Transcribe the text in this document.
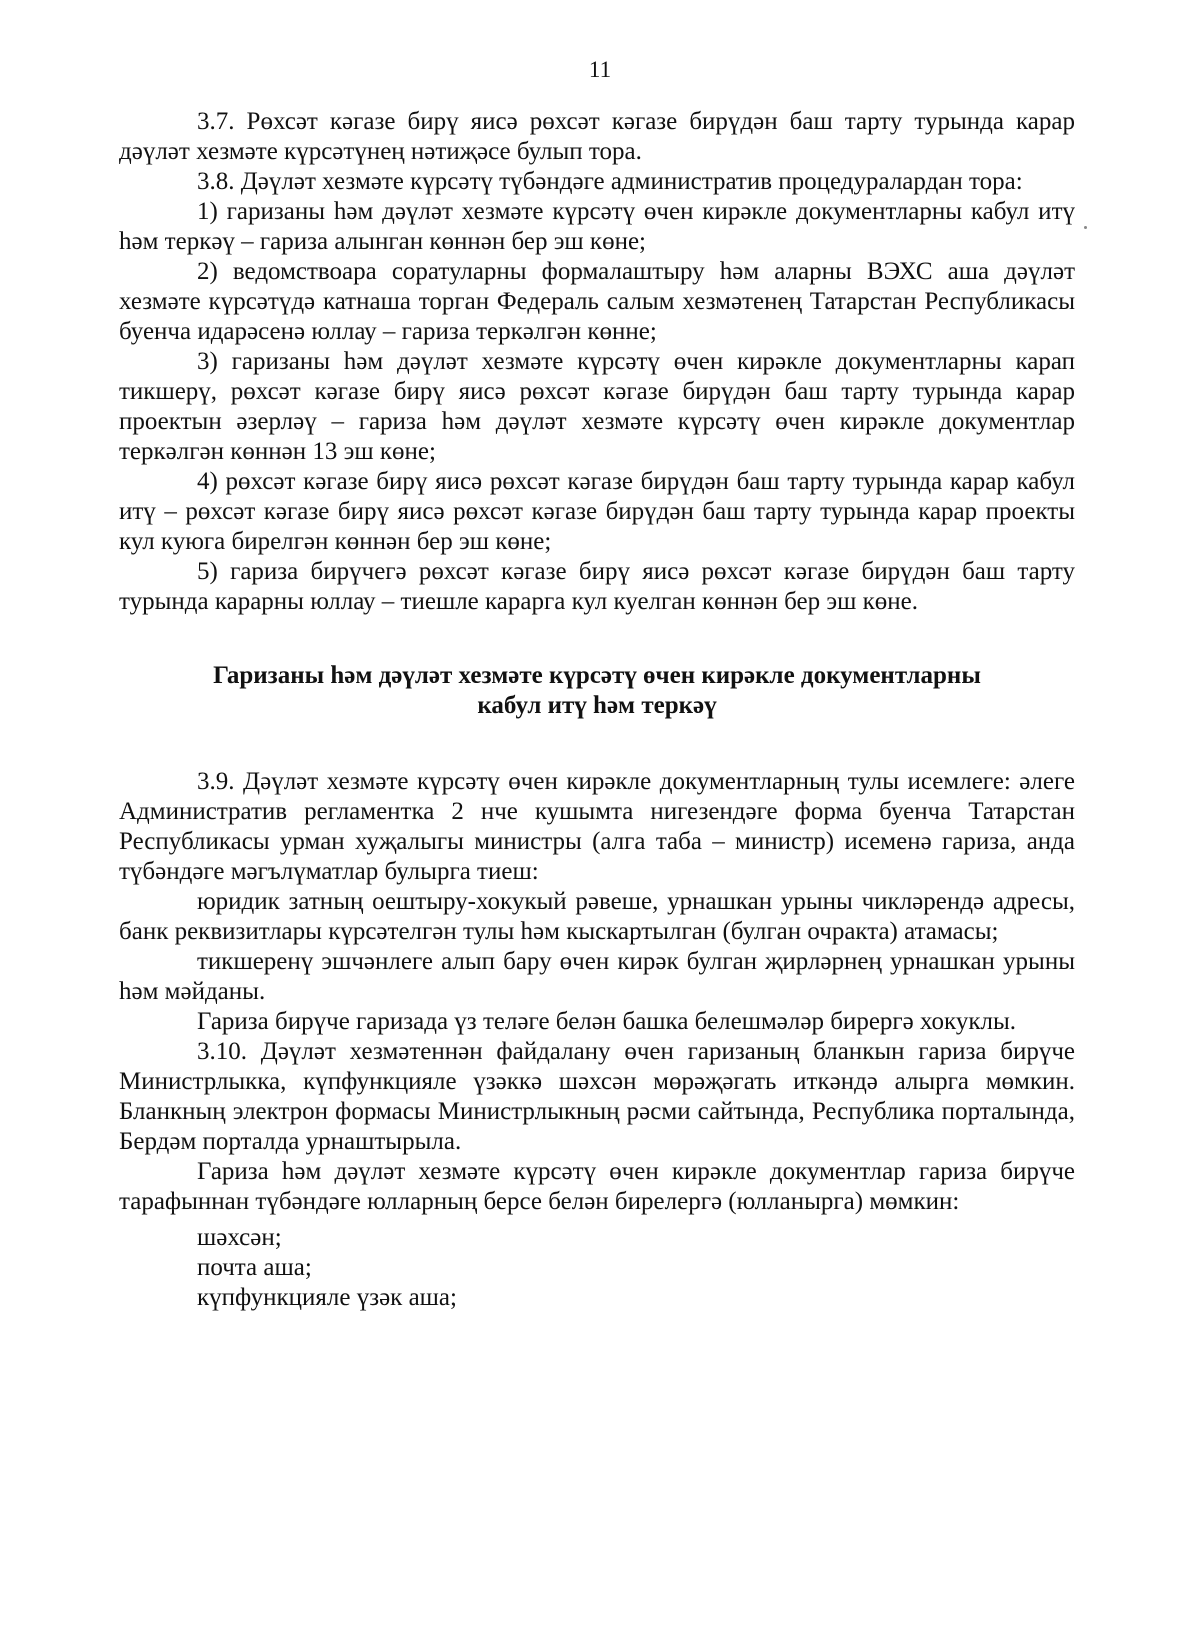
11

3.7. Рөхсәт кәгазе бирү яисә рөхсәт кәгазе бирүдән баш тарту турында карар дәүләт хезмәте күрсәтүнең нәтиҗәсе булып тора.

3.8. Дәүләт хезмәте күрсәтү түбәндәге административ процедуралардан тора:

1) гаризаны һәм дәүләт хезмәте күрсәтү өчен кирәкле документларны кабул итү һәм теркәү – гариза алынган көннән бер эш көне;

2) ведомствоара соратуларны формалаштыру һәм аларны ВЭХС аша дәүләт хезмәте күрсәтүдә катнаша торган Федераль салым хезмәтенең Татарстан Республикасы буенча идарәсенә юллау – гариза теркәлгән көнне;

3) гаризаны һәм дәүләт хезмәте күрсәтү өчен кирәкле документларны карап тикшерү, рөхсәт кәгазе бирү яисә рөхсәт кәгазе бирүдән баш тарту турында карар проектын әзерләү – гариза һәм дәүләт хезмәте күрсәтү өчен кирәкле документлар теркәлгән көннән 13 эш көне;

4) рөхсәт кәгазе бирү яисә рөхсәт кәгазе бирүдән баш тарту турында карар кабул итү – рөхсәт кәгазе бирү яисә рөхсәт кәгазе бирүдән баш тарту турында карар проекты кул куюга бирелгән көннән бер эш көне;

5) гариза бирүчегә рөхсәт кәгазе бирү яисә рөхсәт кәгазе бирүдән баш тарту турында карарны юллау – тиешле карарга кул куелган көннән бер эш көне.

Гаризаны һәм дәүләт хезмәте күрсәтү өчен кирәкле документларны
кабул итү һәм теркәү

3.9. Дәүләт хезмәте күрсәтү өчен кирәкле документларның тулы исемлеге: әлеге Административ регламентка 2 нче кушымта нигезендәге форма буенча Татарстан Республикасы урман хуҗалыгы министры (алга таба – министр) исеменә гариза, анда түбәндәге мәгълүматлар булырга тиеш:

юридик затның оештыру-хокукый рәвеше, урнашкан урыны чикләрендә адресы, банк реквизитлары күрсәтелгән тулы һәм кыскартылган (булган очракта) атамасы;

тикшеренү эшчәнлеге алып бару өчен кирәк булган җирләрнең урнашкан урыны һәм мәйданы.

Гариза бирүче гаризада үз теләге белән башка белешмәләр бирергә хокуклы.

3.10. Дәүләт хезмәтеннән файдалану өчен гаризаның бланкын гариза бирүче Министрлыкка, күпфункцияле үзәккә шәхсән мөрәҗәгать иткәндә алырга мөмкин. Бланкның электрон формасы Министрлыкның рәсми сайтында, Республика порталында, Бердәм порталда урнаштырыла.

Гариза һәм дәүләт хезмәте күрсәтү өчен кирәкле документлар гариза бирүче тарафыннан түбәндәге юлларның берсе белән бирелергә (юлланырга) мөмкин:

шәхсән;

почта аша;

күпфункцияле үзәк аша;
